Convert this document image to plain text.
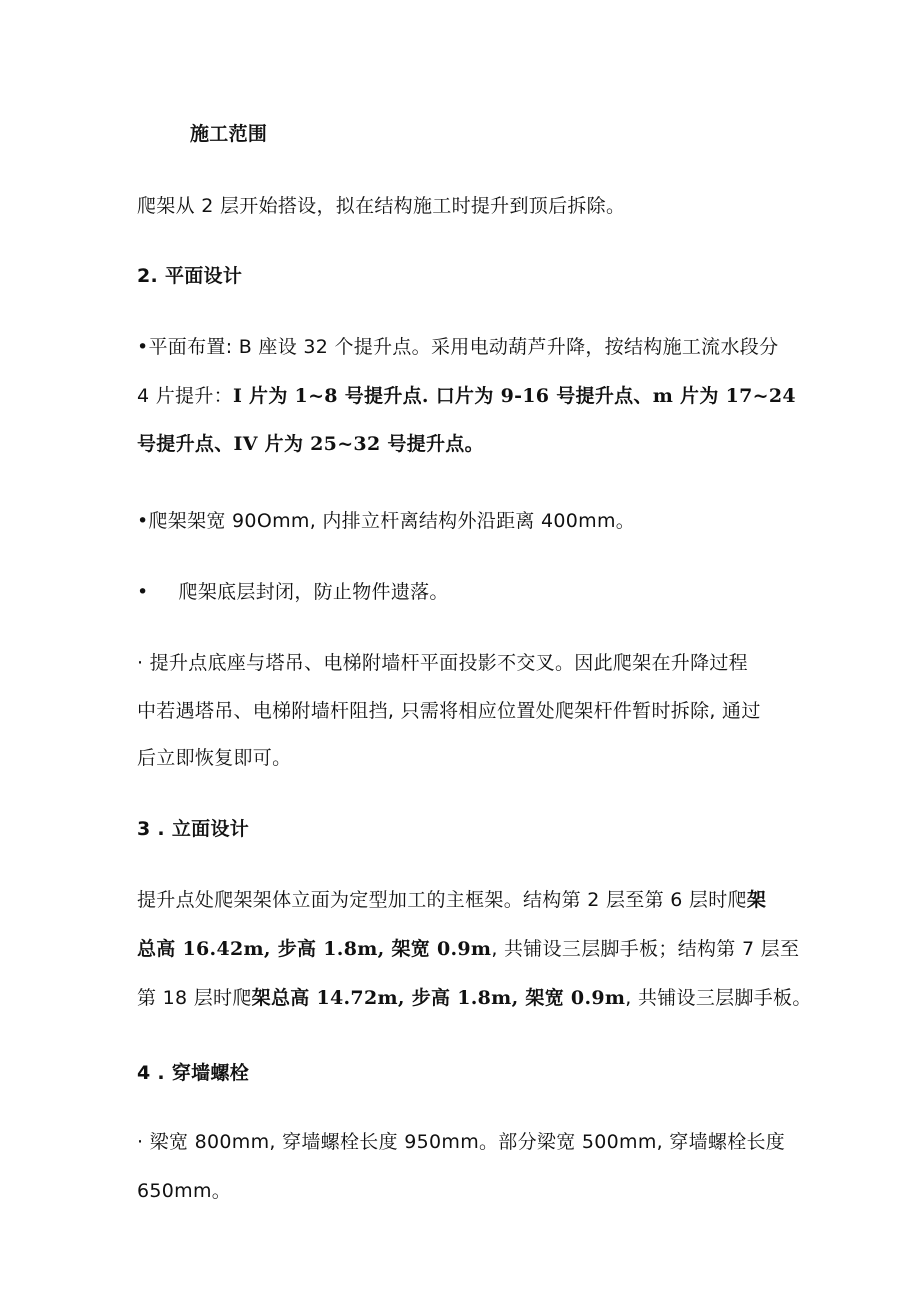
施工范围
爬架从 2 层开始搭设，拟在结构施工时提升到顶后拆除。
2. 平面设计
•平面布置: B 座设 32 个提升点。采用电动葫芦升降，按结构施工流水段分
4 片提升：I 片为 1~8 号提升点. 口片为 9-16 号提升点、m 片为 17~24
号提升点、IV 片为 25~32 号提升点。
•爬架架宽 90Omm, 内排立杆离结构外沿距离 400mm。
• 爬架底层封闭，防止物件遗落。
· 提升点底座与塔吊、电梯附墙杆平面投影不交叉。因此爬架在升降过程
中若遇塔吊、电梯附墙杆阻挡, 只需将相应位置处爬架杆件暂时拆除, 通过
后立即恢复即可。
3 . 立面设计
提升点处爬架架体立面为定型加工的主框架。结构第 2 层至第 6 层时爬架
总高 16.42m, 步高 1.8m, 架宽 0.9m, 共铺设三层脚手板；结构第 7 层至
第 18 层时爬架总高 14.72m, 步高 1.8m, 架宽 0.9m, 共铺设三层脚手板。
4 . 穿墙螺栓
· 梁宽 800mm, 穿墙螺栓长度 950mm。部分梁宽 500mm, 穿墙螺栓长度
650mm。
